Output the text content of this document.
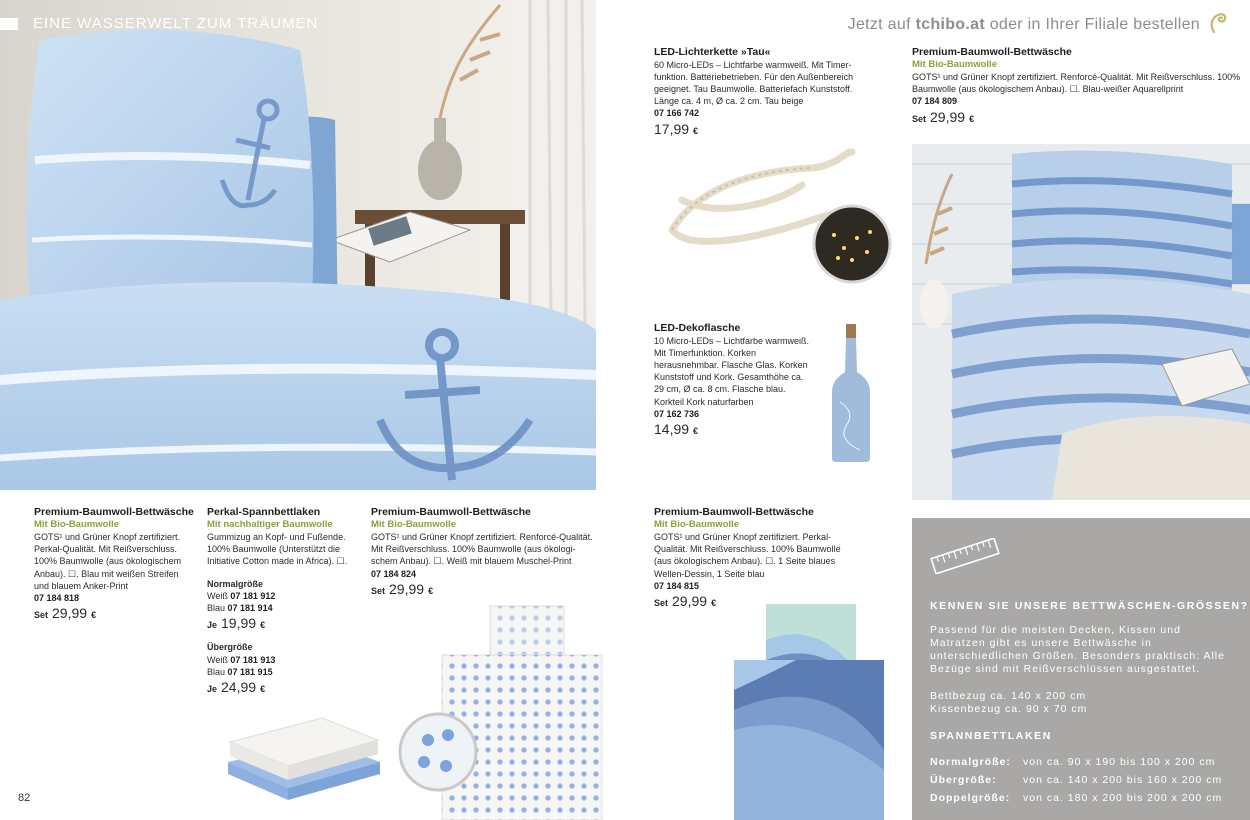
EINE WASSERWELT ZUM TRÄUMEN
Premium-Baumwoll-Bettwäsche
Mit Bio-Baumwolle
GOTS¹ und Grüner Knopf zertifiziert. Perkal-Qualität. Mit Reißverschluss. 100% Baumwolle (aus ökologischem Anbau). ☐. Blau mit weißen Streifen und blauem Anker-Print
07 184 818
Set 29,99 €
Perkal-Spannbettlaken
Mit nachhaltiger Baumwolle
Gummizug an Kopf- und Fußende. 100% Baumwolle (Unterstützt die Initiative Cotton made in Africa). ☐.
Normalgröße
Weiß 07 181 912
Blau 07 181 914
Je 19,99 €
Übergröße
Weiß 07 181 913
Blau 07 181 915
Je 24,99 €
Premium-Baumwoll-Bettwäsche
Mit Bio-Baumwolle
GOTS¹ und Grüner Knopf zertifiziert. Renforcé-Qualität. Mit Reißverschluss. 100% Baumwolle (aus ökologi-schem Anbau). ☐. Weiß mit blauem Muschel-Print
07 184 824
Set 29,99 €
82
Jetzt auf tchibo.at oder in Ihrer Filiale bestellen
LED-Lichterkette »Tau«
60 Micro-LEDs – Lichtfarbe warmweiß. Mit Timer-funktion. Batteriebetrieben. Für den Außenbereich geeignet. Tau Baumwolle. Batteriefach Kunststoff. Länge ca. 4 m, Ø ca. 2 cm. Tau beige
07 166 742
17,99 €
LED-Dekoflasche
10 Micro-LEDs – Lichtfarbe warmweiß. Mit Timerfunktion. Korken herausnehmbar. Flasche Glas. Korken Kunststoff und Kork. Gesamthöhe ca. 29 cm, Ø ca. 8 cm. Flasche blau. Korkteil Kork naturfarben
07 162 736
14,99 €
Premium-Baumwoll-Bettwäsche
Mit Bio-Baumwolle
GOTS¹ und Grüner Knopf zertifiziert. Perkal-Qualität. Mit Reißverschluss. 100% Baumwolle (aus ökologischem Anbau). ☐. 1 Seite blaues Wellen-Dessin, 1 Seite blau
07 184 815
Set 29,99 €
Premium-Baumwoll-Bettwäsche
Mit Bio-Baumwolle
GOTS¹ und Grüner Knopf zertifiziert. Renforcé-Qualität. Mit Reißverschluss. 100% Baumwolle (aus ökologischem Anbau). ☐. Blau-weißer Aquarellprint
07 184 809
Set 29,99 €
KENNEN SIE UNSERE BETTWÄSCHEN-GRÖSSEN?
Passend für die meisten Decken, Kissen und Matratzen gibt es unsere Bettwäsche in unterschiedlichen Größen. Besonders praktisch: Alle Bezüge sind mit Reißverschlüssen ausgestattet.
Bettbezug ca. 140 x 200 cm
Kissenbezug ca. 90 x 70 cm
SPANNBETTLAKEN
Normalgröße:	von ca. 90 x 190 bis 100 x 200 cm
Übergröße:	von ca. 140 x 200 bis 160 x 200 cm
Doppelgröße:	von ca. 180 x 200 bis 200 x 200 cm
